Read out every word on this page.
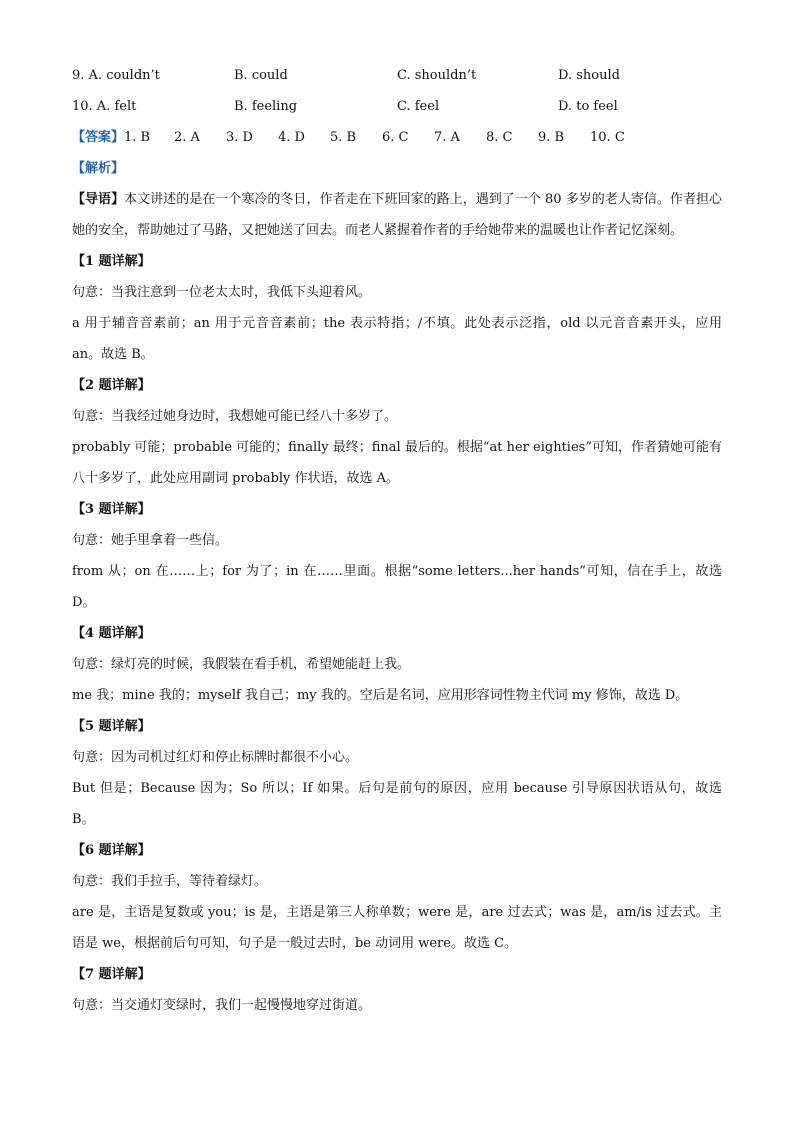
9. A. couldn’t	B. could	C. shouldn’t	D. should
10. A. felt	B. feeling	C. feel	D. to feel

【答案】1. B 2. A 3. D 4. D 5. B 6. C 7. A 8. C 9. B 10. C

【解析】

【导语】本文讲述的是在一个寒冷的冬日，作者走在下班回家的路上，遇到了一个 80 多岁的老人寄信。作者担心她的安全，帮助她过了马路，又把她送了回去。而老人紧握着作者的手给她带来的温暖也让作者记忆深刻。

【1 题详解】

句意：当我注意到一位老太太时，我低下头迎着风。

a 用于辅音音素前；an 用于元音音素前；the 表示特指；/不填。此处表示泛指，old 以元音音素开头，应用 an。故选 B。

【2 题详解】

句意：当我经过她身边时，我想她可能已经八十多岁了。

probably 可能；probable 可能的；finally 最终；final 最后的。根据“at her eighties”可知，作者猜她可能有八十多岁了，此处应用副词 probably 作状语，故选 A。

【3 题详解】

句意：她手里拿着一些信。

from 从；on 在……上；for 为了；in 在……里面。根据“some letters...her hands”可知，信在手上，故选 D。

【4 题详解】

句意：绿灯亮的时候，我假装在看手机，希望她能赶上我。

me 我；mine 我的；myself 我自己；my 我的。空后是名词，应用形容词性物主代词 my 修饰，故选 D。

【5 题详解】

句意：因为司机过红灯和停止标牌时都很不小心。

But 但是；Because 因为；So 所以；If 如果。后句是前句的原因，应用 because 引导原因状语从句，故选 B。

【6 题详解】

句意：我们手拉手，等待着绿灯。

are 是，主语是复数或 you；is 是，主语是第三人称单数；were 是，are 过去式；was 是，am/is 过去式。主语是 we，根据前后句可知，句子是一般过去时，be 动词用 were。故选 C。

【7 题详解】

句意：当交通灯变绿时，我们一起慢慢地穿过街道。
